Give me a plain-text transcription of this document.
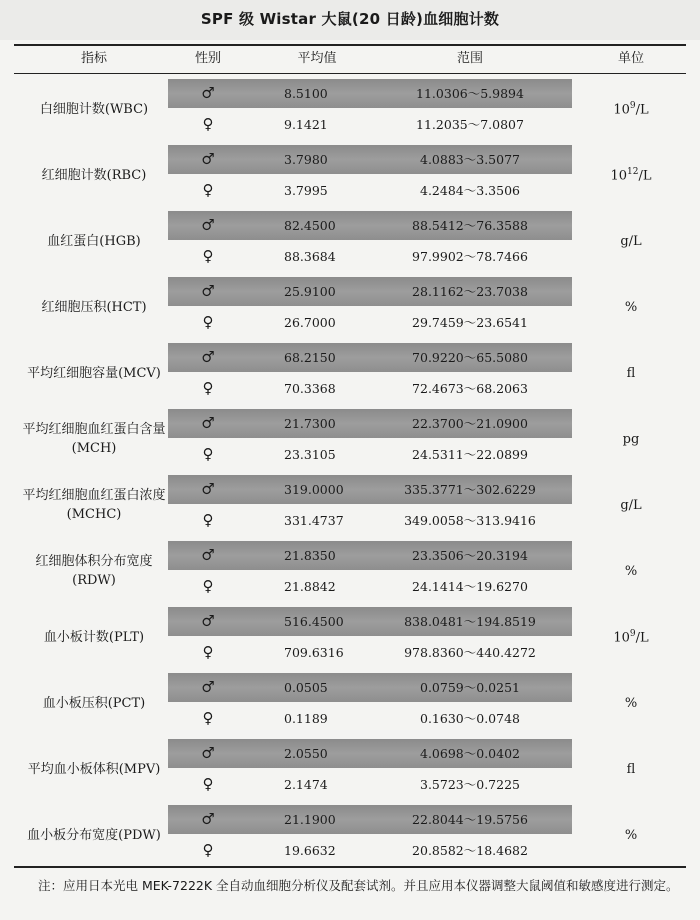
SPF 级 Wistar 大鼠(20 日龄)血细胞计数
指标	性别	平均值	范围	单位
白细胞计数(WBC)
♂	8.5100	11.0306～5.9894
♀	9.1421	11.2035～7.0807
$10^9/L$
红细胞计数(RBC)
♂	3.7980	4.0883～3.5077
♀	3.7995	4.2484～3.3506
$10^{12}/L$
血红蛋白(HGB)
♂	82.4500	88.5412～76.3588
♀	88.3684	97.9902～78.7466
g/L
红细胞压积(HCT)
♂	25.9100	28.1162～23.7038
♀	26.7000	29.7459～23.6541
%
平均红细胞容量(MCV)
♂	68.2150	70.9220～65.5080
♀	70.3368	72.4673～68.2063
fl
平均红细胞血红蛋白含量(MCH)
♂	21.7300	22.3700～21.0900
♀	23.3105	24.5311～22.0899
pg
平均红细胞血红蛋白浓度(MCHC)
♂	319.0000	335.3771～302.6229
♀	331.4737	349.0058～313.9416
g/L
红细胞体积分布宽度(RDW)
♂	21.8350	23.3506～20.3194
♀	21.8842	24.1414～19.6270
%
血小板计数(PLT)
♂	516.4500	838.0481～194.8519
♀	709.6316	978.8360～440.4272
$10^9/L$
血小板压积(PCT)
♂	0.0505	0.0759～0.0251
♀	0.1189	0.1630～0.0748
%
平均血小板体积(MPV)
♂	2.0550	4.0698～0.0402
♀	2.1474	3.5723～0.7225
fl
血小板分布宽度(PDW)
♂	21.1900	22.8044～19.5756
♀	19.6632	20.8582～18.4682
%
注：应用日本光电 MEK-7222K 全自动血细胞分析仪及配套试剂。并且应用本仪器调整大鼠阈值和敏感度进行测定。
